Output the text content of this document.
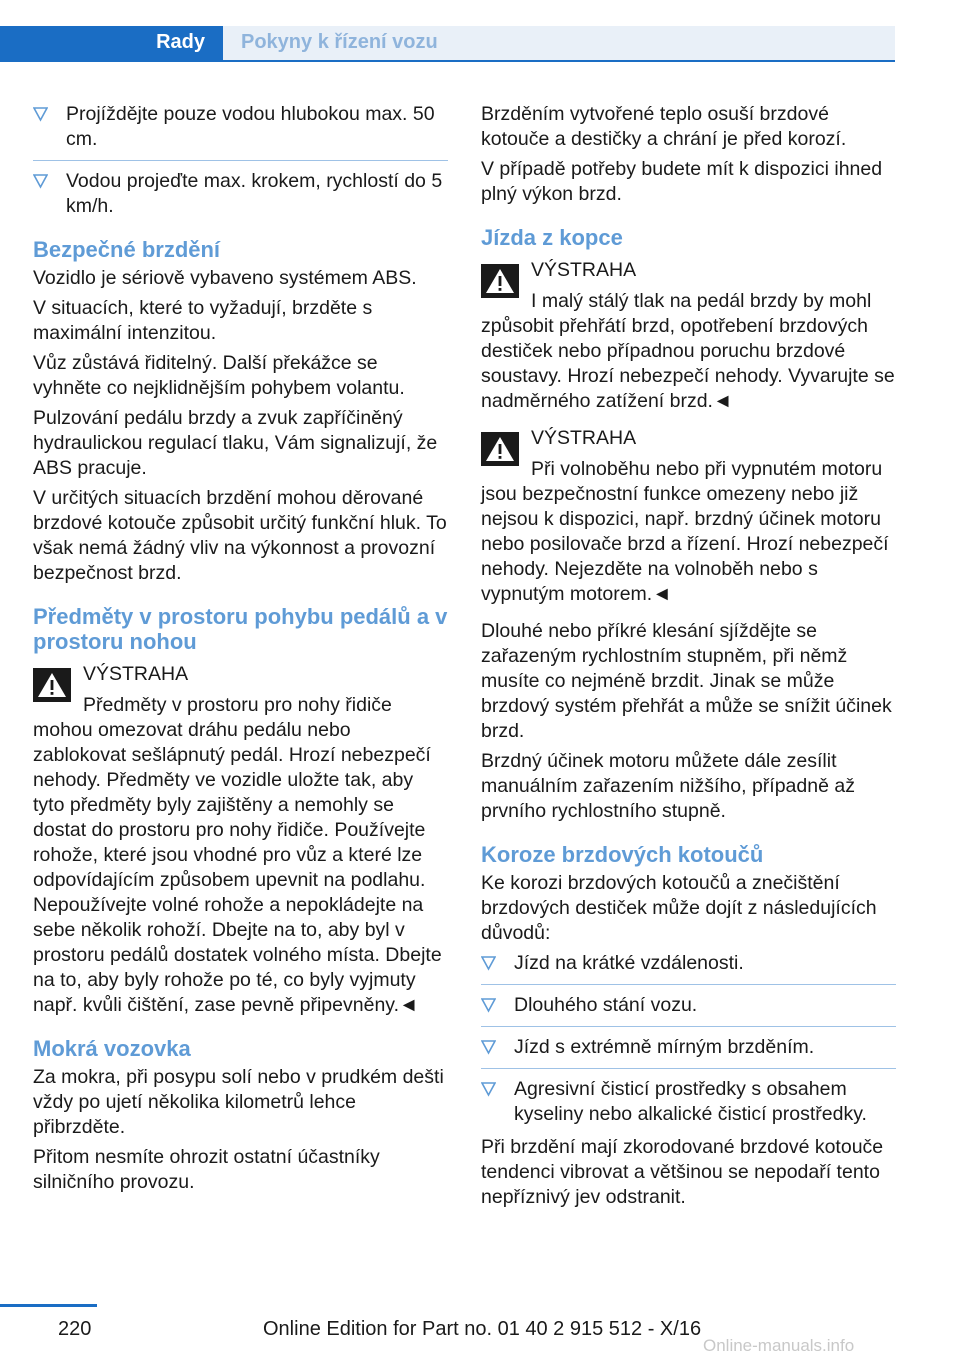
Rady Pokyny k řízení vozu
Projíždějte pouze vodou hlubokou max. 50 cm.
Vodou projeďte max. krokem, rychlostí do 5 km/h.
Bezpečné brzdění

Vozidlo je sériově vybaveno systémem ABS.

V situacích, které to vyžadují, brzděte s maximální intenzitou.

Vůz zůstává řiditelný. Další překážce se vyhněte co nejklidnějším pohybem volantu.

Pulzování pedálu brzdy a zvuk zapříčiněný hydraulickou regulací tlaku, Vám signalizují, že ABS pracuje.

V určitých situacích brzdění mohou děrované brzdové kotouče způsobit určitý funkční hluk. To však nemá žádný vliv na výkonnost a provozní bezpečnost brzd.

Předměty v prostoru pohybu pedálů a v prostoru nohou
VÝSTRAHA
Předměty v prostoru pro nohy řidiče mohou omezovat dráhu pedálu nebo zablokovat sešlápnutý pedál. Hrozí nebezpečí nehody. Předměty ve vozidle uložte tak, aby tyto předměty byly zajištěny a nemohly se dostat do prostoru pro nohy řidiče. Používejte rohože, které jsou vhodné pro vůz a které lze odpovídajícím způsobem upevnit na podlahu. Nepoužívejte volné rohože a nepokládejte na sebe několik rohoží. Dbejte na to, aby byl v prostoru pedálů dostatek volného místa. Dbejte na to, aby byly rohože po té, co byly vyjmuty např. kvůli čištění, zase pevně připevněny.◄
Mokrá vozovka

Za mokra, při posypu solí nebo v prudkém dešti vždy po ujetí několika kilometrů lehce přibrzděte.

Přitom nesmíte ohrozit ostatní účastníky silničního provozu.

Brzděním vytvořené teplo osuší brzdové kotouče a destičky a chrání je před korozí.

V případě potřeby budete mít k dispozici ihned plný výkon brzd.

Jízda z kopce
VÝSTRAHA
I malý stálý tlak na pedál brzdy by mohl způsobit přehřátí brzd, opotřebení brzdových destiček nebo případnou poruchu brzdové soustavy. Hrozí nebezpečí nehody. Vyvarujte se nadměrného zatížení brzd.◄
VÝSTRAHA
Při volnoběhu nebo při vypnutém motoru jsou bezpečnostní funkce omezeny nebo již nejsou k dispozici, např. brzdný účinek motoru nebo posilovače brzd a řízení. Hrozí nebezpečí nehody. Nejezděte na volnoběh nebo s vypnutým motorem.◄

Dlouhé nebo příkré klesání sjíždějte se zařazeným rychlostním stupněm, při němž musíte co nejméně brzdit. Jinak se může brzdový systém přehřát a může se snížit účinek brzd.

Brzdný účinek motoru můžete dále zesílit manuálním zařazením nižšího, případně až prvního rychlostního stupně.

Koroze brzdových kotoučů

Ke korozi brzdových kotoučů a znečištění brzdových destiček může dojít z následujících důvodů:

Jízd na krátké vzdálenosti.
Dlouhého stání vozu.
Jízd s extrémně mírným brzděním.
Agresivní čisticí prostředky s obsahem kyseliny nebo alkalické čisticí prostředky.

Při brzdění mají zkorodované brzdové kotouče tendenci vibrovat a většinou se nepodaří tento nepříznivý jev odstranit.

220	Online Edition for Part no. 01 40 2 915 512 - X/16
Online-manuals.info
